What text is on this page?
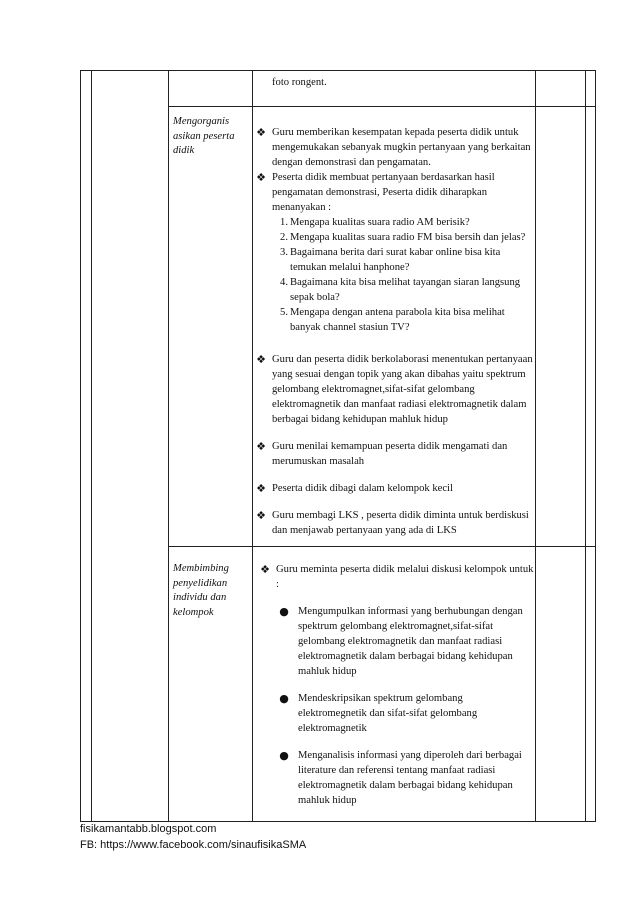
foto rongent.
Mengorganis asikan peserta didik
❖ Guru memberikan kesempatan kepada peserta didik untuk mengemukakan sebanyak mugkin pertanyaan yang berkaitan dengan demonstrasi dan pengamatan.
❖ Peserta didik membuat pertanyaan berdasarkan hasil pengamatan demonstrasi, Peserta didik diharapkan menanyakan :
1. Mengapa kualitas suara radio AM berisik?
2. Mengapa kualitas suara radio FM bisa bersih dan jelas?
3. Bagaimana berita dari surat kabar online bisa kita temukan melalui hanphone?
4. Bagaimana kita bisa melihat tayangan siaran langsung sepak bola?
5. Mengapa dengan antena parabola kita bisa melihat banyak channel stasiun TV?
❖ Guru dan peserta didik berkolaborasi menentukan pertanyaan yang sesuai dengan topik yang akan dibahas yaitu spektrum gelombang elektromagnet,sifat-sifat gelombang elektromagnetik dan manfaat radiasi elektromagnetik dalam berbagai bidang kehidupan mahluk hidup
❖ Guru menilai kemampuan peserta didik mengamati dan merumuskan masalah
❖ Peserta didik dibagi dalam kelompok kecil
❖ Guru membagi LKS , peserta didik diminta untuk berdiskusi dan menjawab pertanyaan yang ada di LKS
Membimbing penyelidikan individu dan kelompok
❖ Guru meminta peserta didik melalui diskusi kelompok untuk :
● Mengumpulkan informasi yang berhubungan dengan spektrum gelombang elektromagnet,sifat-sifat gelombang elektromagnetik dan manfaat radiasi elektromagnetik dalam berbagai bidang kehidupan mahluk hidup
● Mendeskripsikan spektrum gelombang elektromegnetik dan sifat-sifat gelombang elektromagnetik
● Menganalisis informasi yang diperoleh dari berbagai literature dan referensi tentang manfaat radiasi elektromagnetik dalam berbagai bidang kehidupan mahluk hidup
fisikamantabb.blogspot.com
FB: https://www.facebook.com/sinaufisikaSMA
